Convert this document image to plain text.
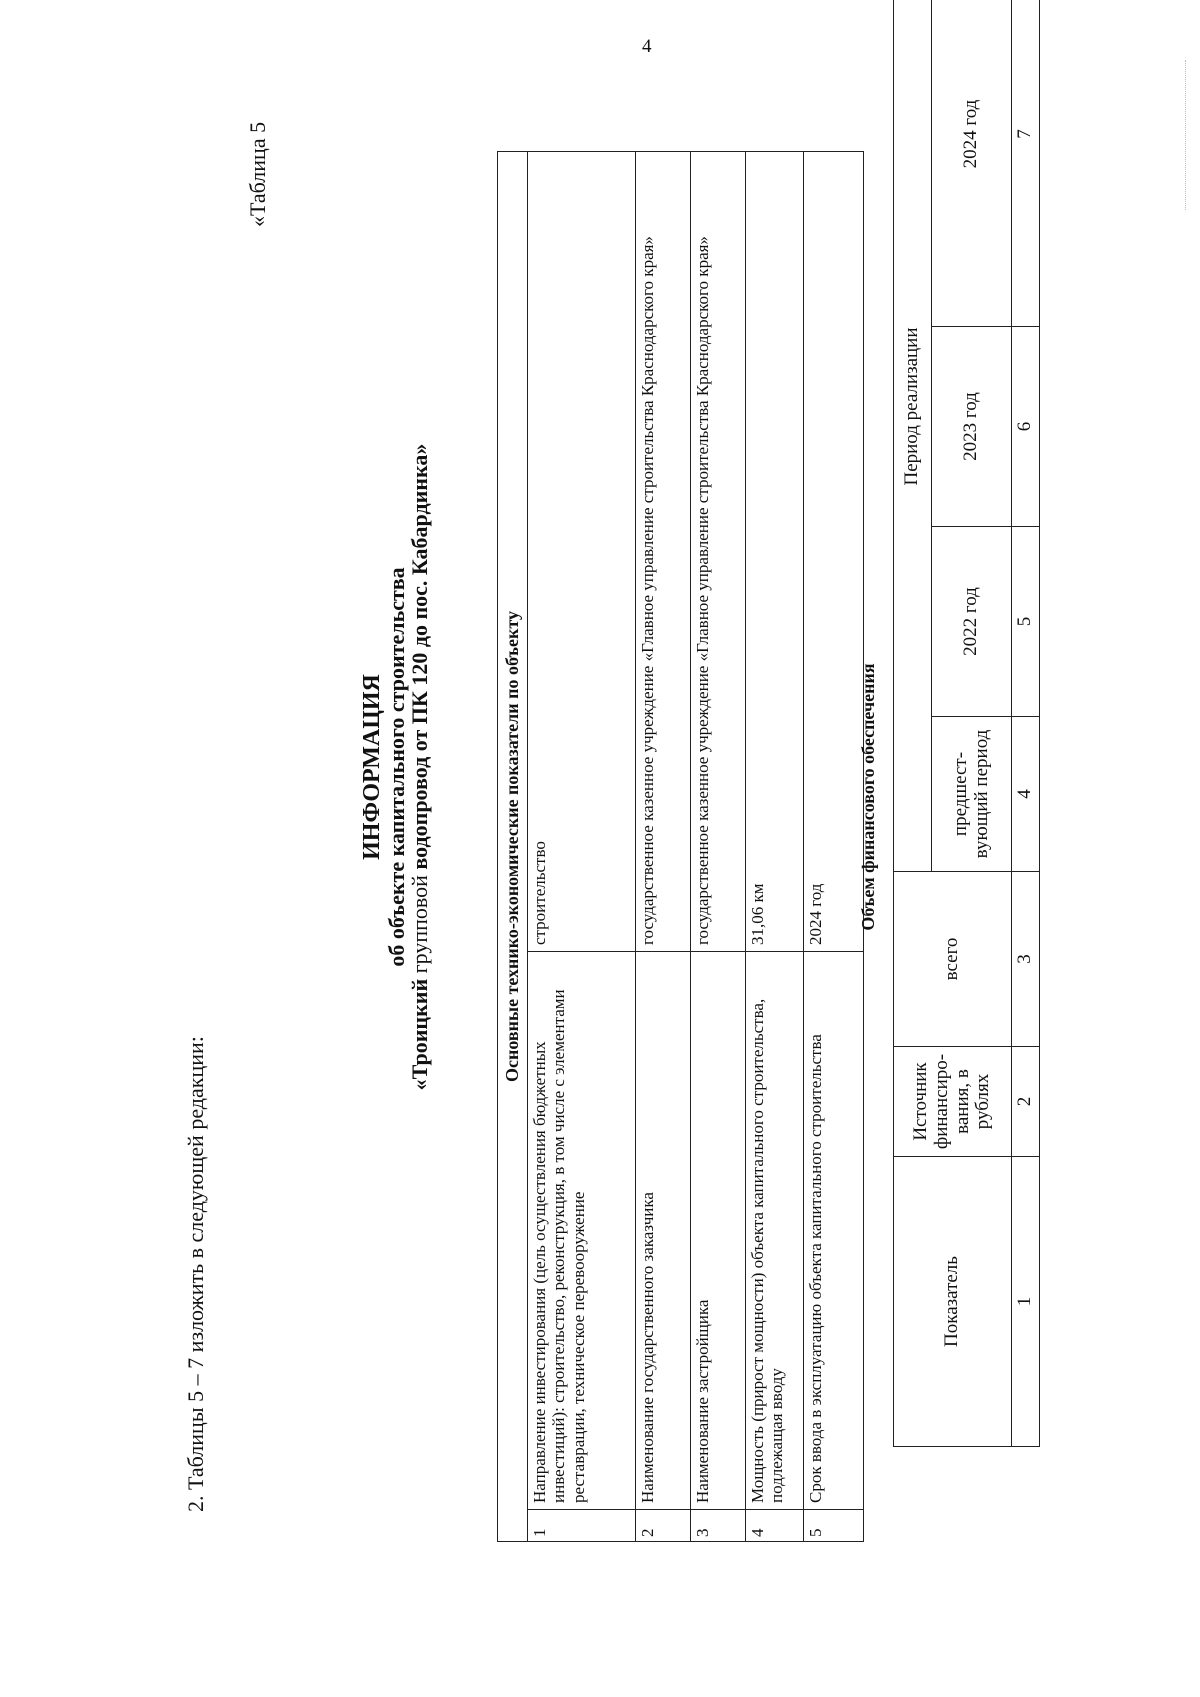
4
2. Таблицы 5 – 7 изложить в следующей редакции:
«Таблица 5
ИНФОРМАЦИЯ об объекте капитального строительства
«Троицкий групповой водопровод от ПК 120 до пос. Кабардинка»	Основные технико-экономические показатели по объекту		
1	Направление инвестирования (цель осуществления бюджетных инвестиций): строительство, реконструкция, в том числе с элементами реставрации, техническое перевооружение	строительство
2	Наименование государственного заказчика	государственное казенное учреждение «Главное управление строительства Краснодарского края»
3	Наименование застройщика	государственное казенное учреждение «Главное управление строительства Краснодарского края»
4	Мощность (прирост мощности) объекта капитального строительства, подлежащая вводу	31,06 км
5	Срок ввода в эксплуатацию объекта капитального строительства	2024 год Объем финансового обеспечения
Показатель	Источник финансиро-вания, в рублях	всего	Период реализации			
			предшест-вующий период	2022 год	2023 год	2024 год
1	2	3	4	5	6	7
